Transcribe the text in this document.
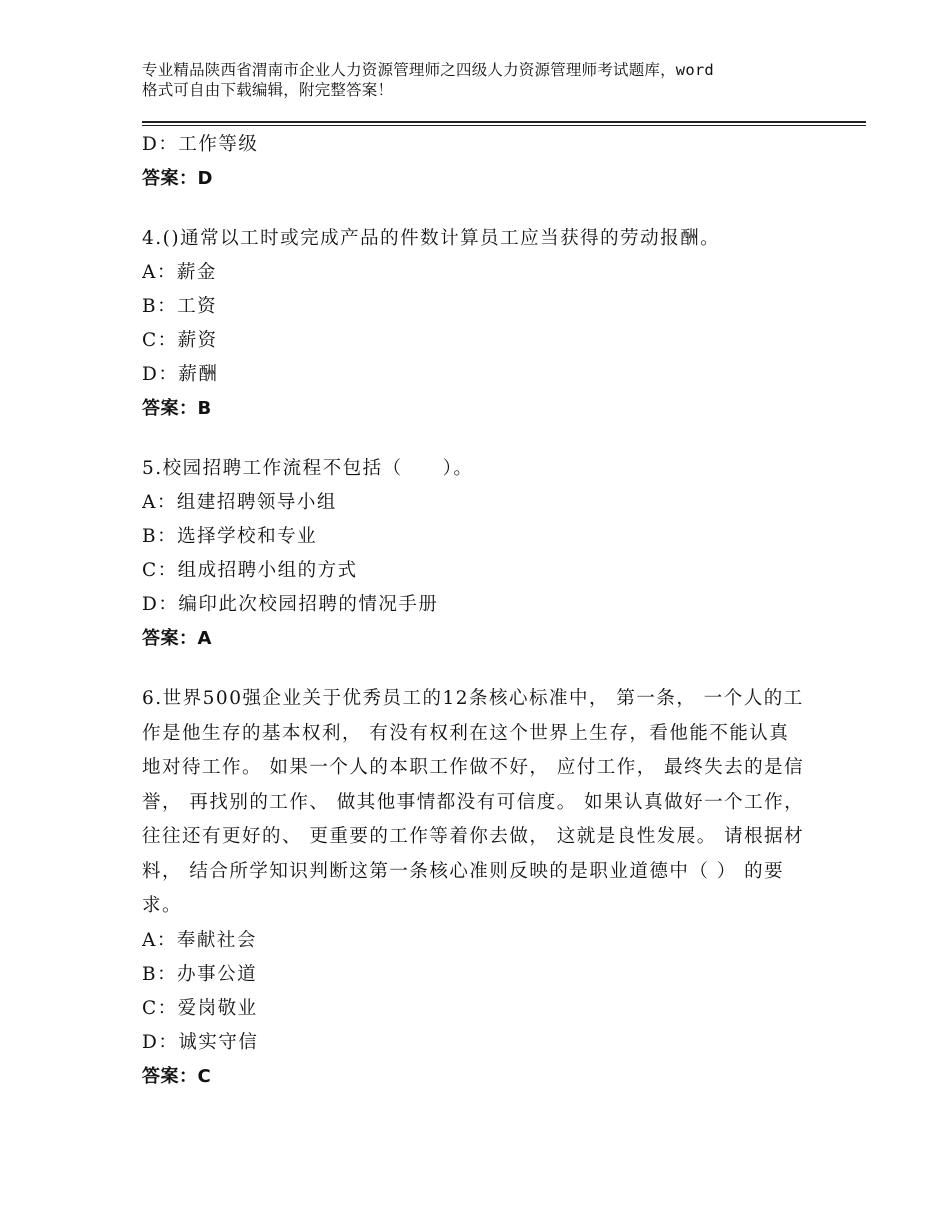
专业精品陕西省渭南市企业人力资源管理师之四级人力资源管理师考试题库，word
格式可自由下载编辑，附完整答案！
D：工作等级
答案：D
4.()通常以工时或完成产品的件数计算员工应当获得的劳动报酬。
A：薪金
B：工资
C：薪资
D：薪酬
答案：B
5.校园招聘工作流程不包括（　　）。
A：组建招聘领导小组
B：选择学校和专业
C：组成招聘小组的方式
D：编印此次校园招聘的情况手册
答案：A
6.世界500强企业关于优秀员工的12条核心标准中， 第一条， 一个人的工作是他生存的基本权利， 有没有权利在这个世界上生存，看他能不能认真地对待工作。 如果一个人的本职工作做不好， 应付工作， 最终失去的是信誉， 再找别的工作、 做其他事情都没有可信度。 如果认真做好一个工作， 往往还有更好的、 更重要的工作等着你去做， 这就是良性发展。 请根据材料， 结合所学知识判断这第一条核心准则反映的是职业道德中（ ） 的要求。
A：奉献社会
B：办事公道
C：爱岗敬业
D：诚实守信
答案：C
